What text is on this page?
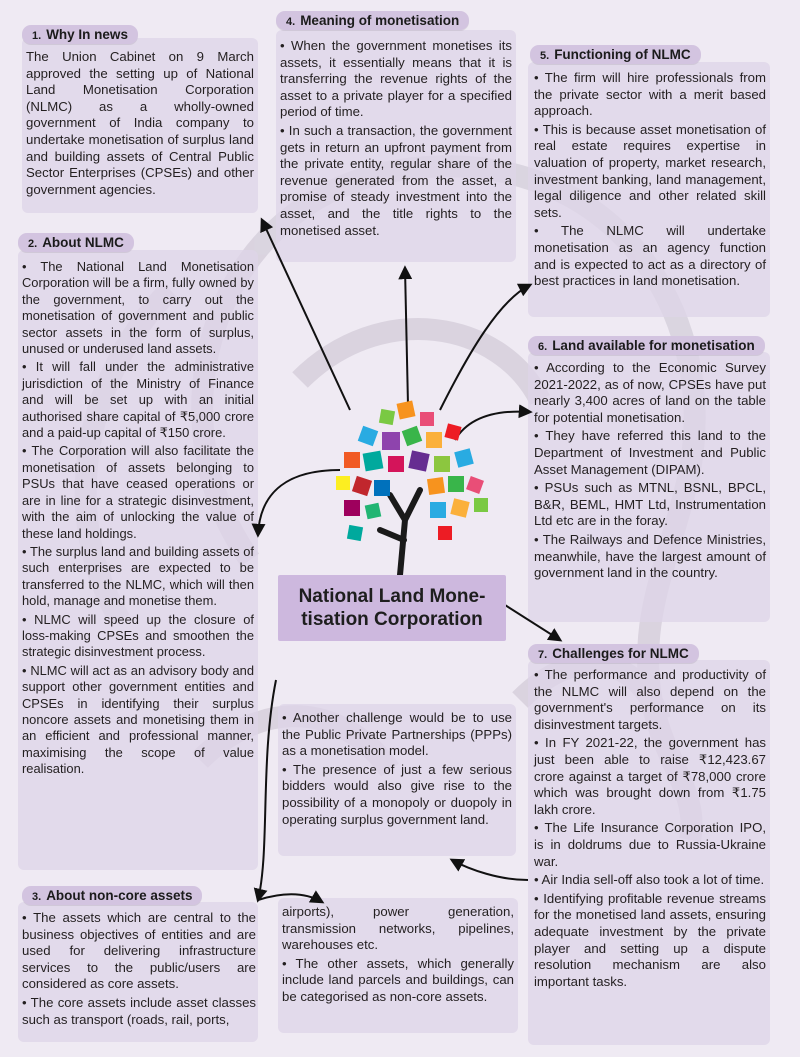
1. Why In news
2. About NLMC
3. About non-core assets
4. Meaning of monetisation
5. Functioning of NLMC
6. Land available for monetisation
7. Challenges for NLMC

The Union Cabinet on 9 March approved the setting up of National Land Monetisation Corporation (NLMC) as a wholly-owned government of India company to undertake monetisation of surplus land and building assets of Central Public Sector Enterprises (CPSEs) and other government agencies.

• The National Land Monetisation Corporation will be a firm, fully owned by the government, to carry out the monetisation of government and public sector assets in the form of surplus, unused or underused land assets.

• It will fall under the administrative jurisdiction of the Ministry of Finance and will be set up with an initial authorised share capital of ₹5,000 crore and a paid-up capital of ₹150 crore.

• The Corporation will also facilitate the monetisation of assets belonging to PSUs that have ceased operations or are in line for a strategic disinvestment, with the aim of unlocking the value of these land holdings.

• The surplus land and building assets of such enterprises are expected to be transferred to the NLMC, which will then hold, manage and monetise them.

• NLMC will speed up the closure of loss-making CPSEs and smoothen the strategic disinvestment process.

• NLMC will act as an advisory body and support other government entities and CPSEs in identifying their surplus noncore assets and monetising them in an efficient and professional manner, maximising the scope of value realisation.

• The assets which are central to the business objectives of entities and are used for delivering infrastructure services to the public/users are considered as core assets.

• The core assets include asset classes such as transport (roads, rail, ports,

airports), power generation, transmission networks, pipelines, warehouses etc.

• The other assets, which generally include land parcels and buildings, can be categorised as non-core assets.

• When the government monetises its assets, it essentially means that it is transferring the revenue rights of the asset to a private player for a specified period of time.

• In such a transaction, the government gets in return an upfront payment from the private entity, regular share of the revenue generated from the asset, a promise of steady investment into the asset, and the title rights to the monetised asset.

• The firm will hire professionals from the private sector with a merit based approach.

• This is because asset monetisation of real estate requires expertise in valuation of property, market research, investment banking, land management, legal diligence and other related skill sets.

• The NLMC will undertake monetisation as an agency function and is expected to act as a directory of best practices in land monetisation.

• According to the Economic Survey 2021-2022, as of now, CPSEs have put nearly 3,400 acres of land on the table for potential monetisation.

• They have referred this land to the Department of Investment and Public Asset Management (DIPAM).

• PSUs such as MTNL, BSNL, BPCL, B&R, BEML, HMT Ltd, Instrumentation Ltd etc are in the foray.

• The Railways and Defence Ministries, meanwhile, have the largest amount of government land in the country.

• The performance and productivity of the NLMC will also depend on the government's performance on its disinvestment targets.

• In FY 2021-22, the government has just been able to raise ₹12,423.67 crore against a target of ₹78,000 crore which was brought down from ₹1.75 lakh crore.

• The Life Insurance Corporation IPO, is in doldrums due to Russia-Ukraine war.

• Air India sell-off also took a lot of time.

• Identifying profitable revenue streams for the monetised land assets, ensuring adequate investment by the private player and setting up a dispute resolution mechanism are also important tasks.

• Another challenge would be to use the Public Private Partnerships (PPPs) as a monetisation model.

• The presence of just a few serious bidders would also give rise to the possibility of a monopoly or duopoly in operating surplus government land.

National Land Mone-tisation Corporation
